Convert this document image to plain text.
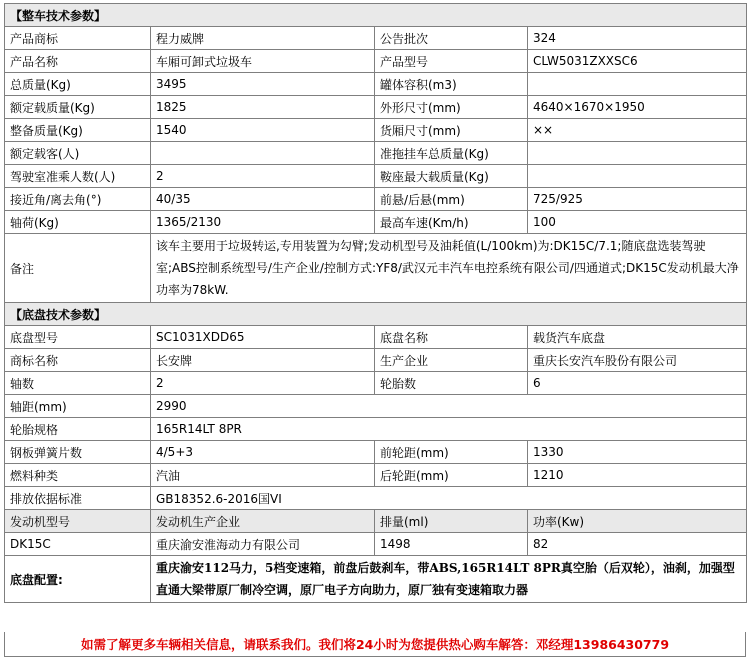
【整车技术参数】			
产品商标	程力威牌	公告批次	324
产品名称	车厢可卸式垃圾车	产品型号	CLW5031ZXXSC6
总质量(Kg)	3495	罐体容积(m3)	
额定载质量(Kg)	1825	外形尺寸(mm)	4640×1670×1950
整备质量(Kg)	1540	货厢尺寸(mm)	××
额定载客(人)		准拖挂车总质量(Kg)	
驾驶室准乘人数(人)	2	鞍座最大载质量(Kg)	
接近角/离去角(°)	40/35	前悬/后悬(mm)	725/925
轴荷(Kg)	1365/2130	最高车速(Km/h)	100
备注	该车主要用于垃圾转运,专用装置为勾臂;发动机型号及油耗值(L/100km)为:DK15C/7.1;随底盘选装驾驶室;ABS控制系统型号/生产企业/控制方式:YF8/武汉元丰汽车电控系统有限公司/四通道式;DK15C发动机最大净功率为78kW.		
【底盘技术参数】			
底盘型号	SC1031XDD65	底盘名称	载货汽车底盘
商标名称	长安牌	生产企业	重庆长安汽车股份有限公司
轴数	2	轮胎数	6
轴距(mm)	2990		
轮胎规格	165R14LT 8PR		
钢板弹簧片数	4/5+3	前轮距(mm)	1330
燃料种类	汽油	后轮距(mm)	1210
排放依据标准	GB18352.6-2016国VI		
发动机型号	发动机生产企业	排量(ml)	功率(Kw)
DK15C	重庆渝安淮海动力有限公司	1498	82
底盘配置:	重庆渝安112马力，5档变速箱，前盘后鼓刹车，带ABS,165R14LT 8PR真空胎（后双轮），油刹，加强型直通大梁带原厂制冷空调，原厂电子方向助力，原厂独有变速箱取力器		
如需了解更多车辆相关信息，请联系我们。我们将24小时为您提供热心购车解答：邓经理13986430779
